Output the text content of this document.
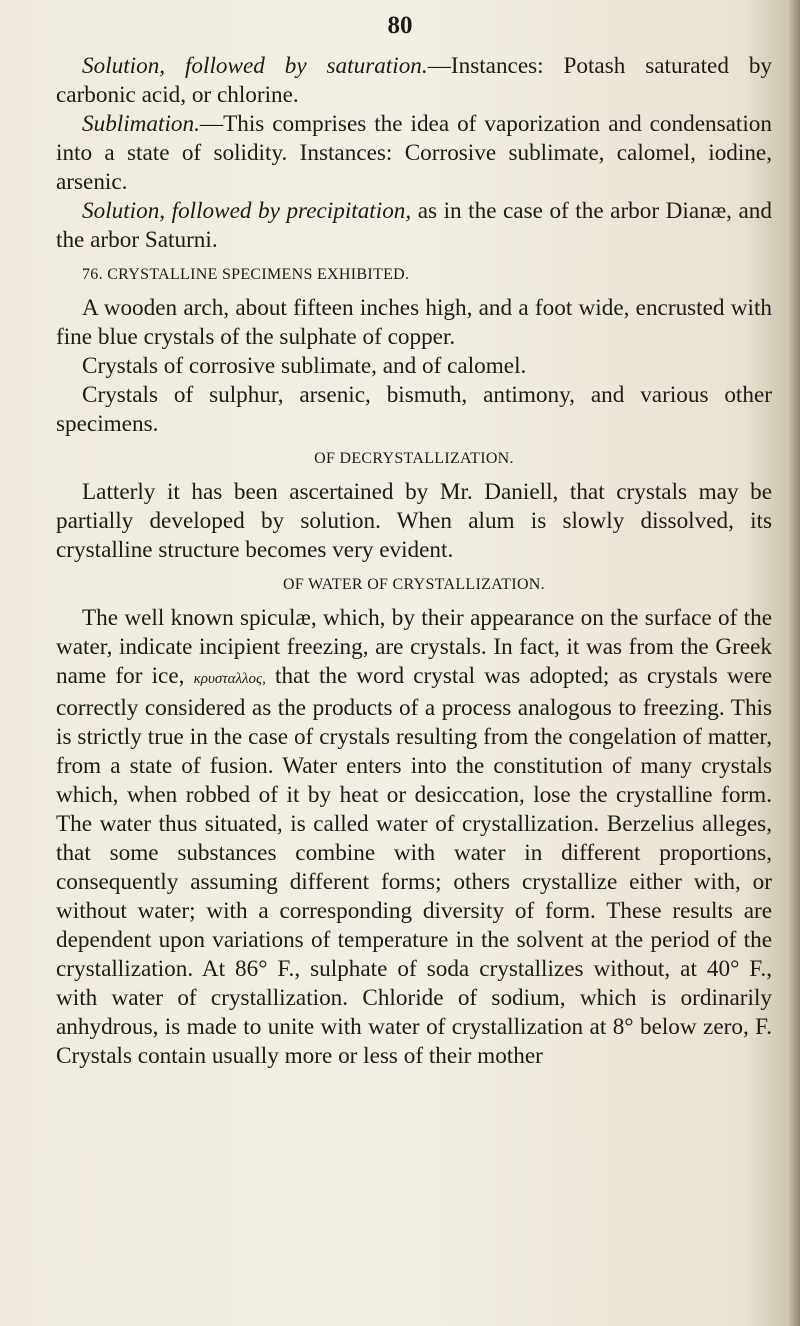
80

Solution, followed by saturation.—Instances: Potash saturated by carbonic acid, or chlorine.

Sublimation.—This comprises the idea of vaporization and condensation into a state of solidity. Instances: Corrosive sublimate, calomel, iodine, arsenic.

Solution, followed by precipitation, as in the case of the arbor Dianæ, and the arbor Saturni.

76. CRYSTALLINE SPECIMENS EXHIBITED.

A wooden arch, about fifteen inches high, and a foot wide, encrusted with fine blue crystals of the sulphate of copper.

Crystals of corrosive sublimate, and of calomel.

Crystals of sulphur, arsenic, bismuth, antimony, and various other specimens.

OF DECRYSTALLIZATION.

Latterly it has been ascertained by Mr. Daniell, that crystals may be partially developed by solution. When alum is slowly dissolved, its crystalline structure becomes very evident.

OF WATER OF CRYSTALLIZATION.

The well known spiculæ, which, by their appearance on the surface of the water, indicate incipient freezing, are crystals. In fact, it was from the Greek name for ice, κρυσταλλος, that the word crystal was adopted; as crystals were correctly considered as the products of a process analogous to freezing. This is strictly true in the case of crystals resulting from the congelation of matter, from a state of fusion. Water enters into the constitution of many crystals which, when robbed of it by heat or desiccation, lose the crystalline form. The water thus situated, is called water of crystallization. Berzelius alleges, that some substances combine with water in different proportions, consequently assuming different forms; others crystallize either with, or without water; with a corresponding diversity of form. These results are dependent upon variations of temperature in the solvent at the period of the crystallization. At 86° F., sulphate of soda crystallizes without, at 40° F., with water of crystallization. Chloride of sodium, which is ordinarily anhydrous, is made to unite with water of crystallization at 8° below zero, F. Crystals contain usually more or less of their mother
